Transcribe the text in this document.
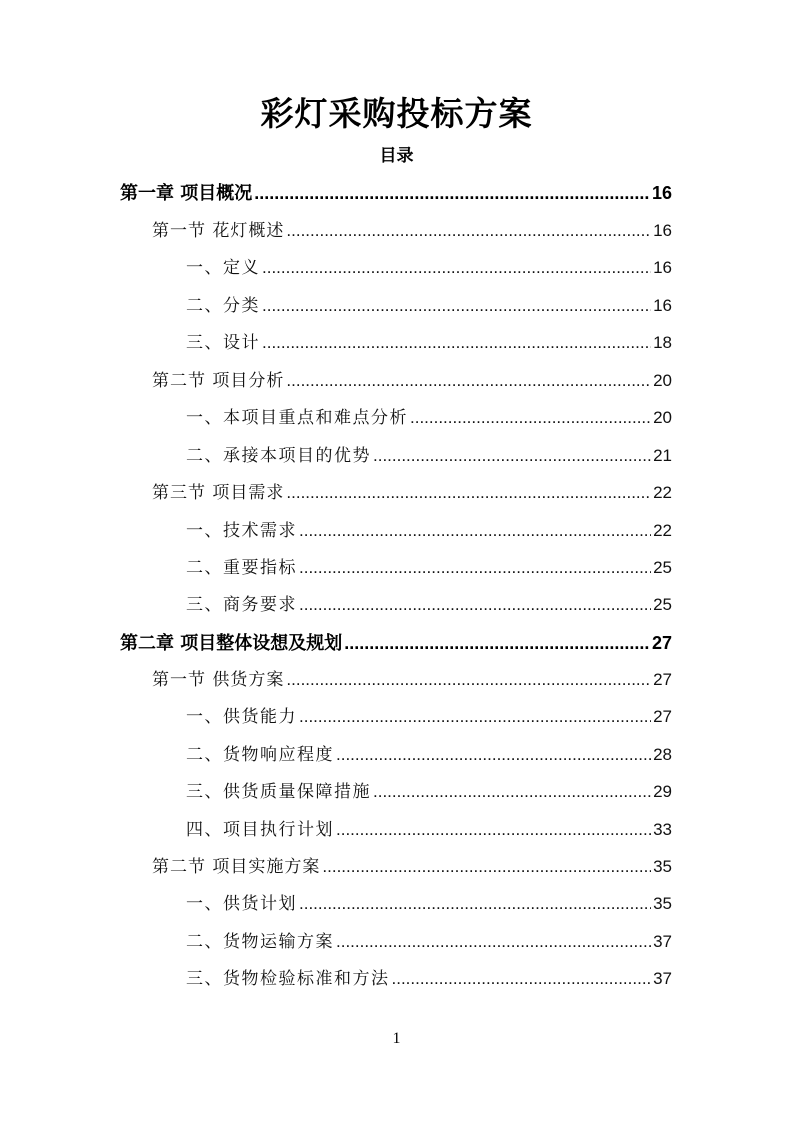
彩灯采购投标方案
目录
第一章 项目概况 .....	16
第一节 花灯概述 .....	16
一、定义 .....	16
二、分类 .....	16
三、设计 .....	18
第二节 项目分析 .....	20
一、本项目重点和难点分析 .....	20
二、承接本项目的优势 .....	21
第三节 项目需求 .....	22
一、技术需求 .....	22
二、重要指标 .....	25
三、商务要求 .....	25
第二章 项目整体设想及规划 .....	27
第一节 供货方案 .....	27
一、供货能力 .....	27
二、货物响应程度 .....	28
三、供货质量保障措施 .....	29
四、项目执行计划 .....	33
第二节 项目实施方案 .....	35
一、供货计划 .....	35
二、货物运输方案 .....	37
三、货物检验标准和方法 .....	37
1
